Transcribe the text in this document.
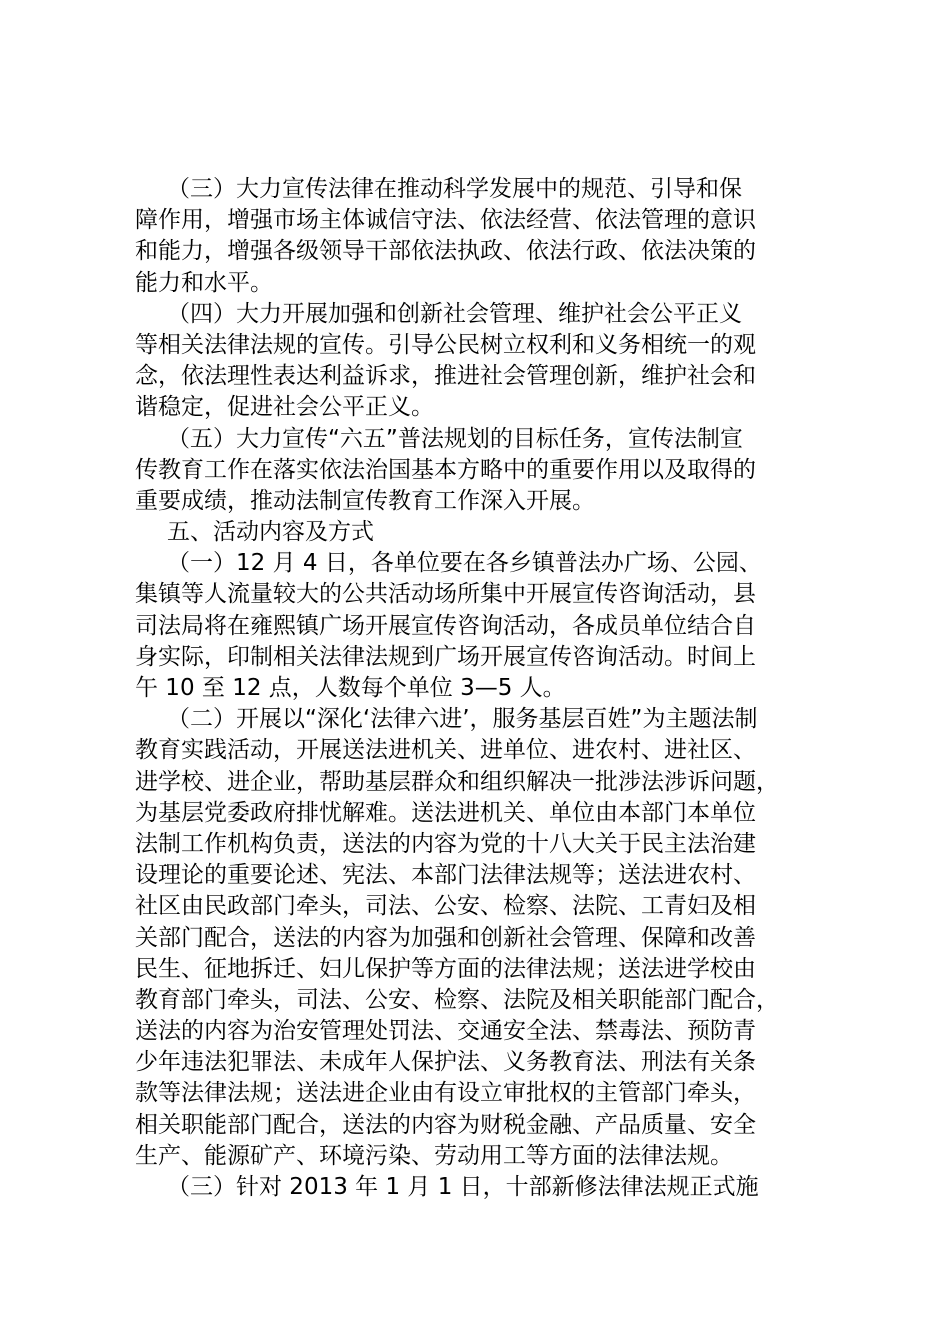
（三）大力宣传法律在推动科学发展中的规范、引导和保
障作用，增强市场主体诚信守法、依法经营、依法管理的意识
和能力，增强各级领导干部依法执政、依法行政、依法决策的
能力和水平。
（四）大力开展加强和创新社会管理、维护社会公平正义
等相关法律法规的宣传。引导公民树立权利和义务相统一的观
念，依法理性表达利益诉求，推进社会管理创新，维护社会和
谐稳定，促进社会公平正义。
（五）大力宣传“六五”普法规划的目标任务，宣传法制宣
传教育工作在落实依法治国基本方略中的重要作用以及取得的
重要成绩，推动法制宣传教育工作深入开展。
五、活动内容及方式
（一）12 月 4 日，各单位要在各乡镇普法办广场、公园、
集镇等人流量较大的公共活动场所集中开展宣传咨询活动，县
司法局将在雍熙镇广场开展宣传咨询活动，各成员单位结合自
身实际，印制相关法律法规到广场开展宣传咨询活动。时间上
午 10 至 12 点，人数每个单位 3—5 人。
（二）开展以“深化‘法律六进’，服务基层百姓”为主题法制
教育实践活动，开展送法进机关、进单位、进农村、进社区、
进学校、进企业，帮助基层群众和组织解决一批涉法涉诉问题，
为基层党委政府排忧解难。送法进机关、单位由本部门本单位
法制工作机构负责，送法的内容为党的十八大关于民主法治建
设理论的重要论述、宪法、本部门法律法规等；送法进农村、
社区由民政部门牵头，司法、公安、检察、法院、工青妇及相
关部门配合，送法的内容为加强和创新社会管理、保障和改善
民生、征地拆迁、妇儿保护等方面的法律法规；送法进学校由
教育部门牵头，司法、公安、检察、法院及相关职能部门配合，
送法的内容为治安管理处罚法、交通安全法、禁毒法、预防青
少年违法犯罪法、未成年人保护法、义务教育法、刑法有关条
款等法律法规；送法进企业由有设立审批权的主管部门牵头，
相关职能部门配合，送法的内容为财税金融、产品质量、安全
生产、能源矿产、环境污染、劳动用工等方面的法律法规。
（三）针对 2013 年 1 月 1 日，十部新修法律法规正式施
